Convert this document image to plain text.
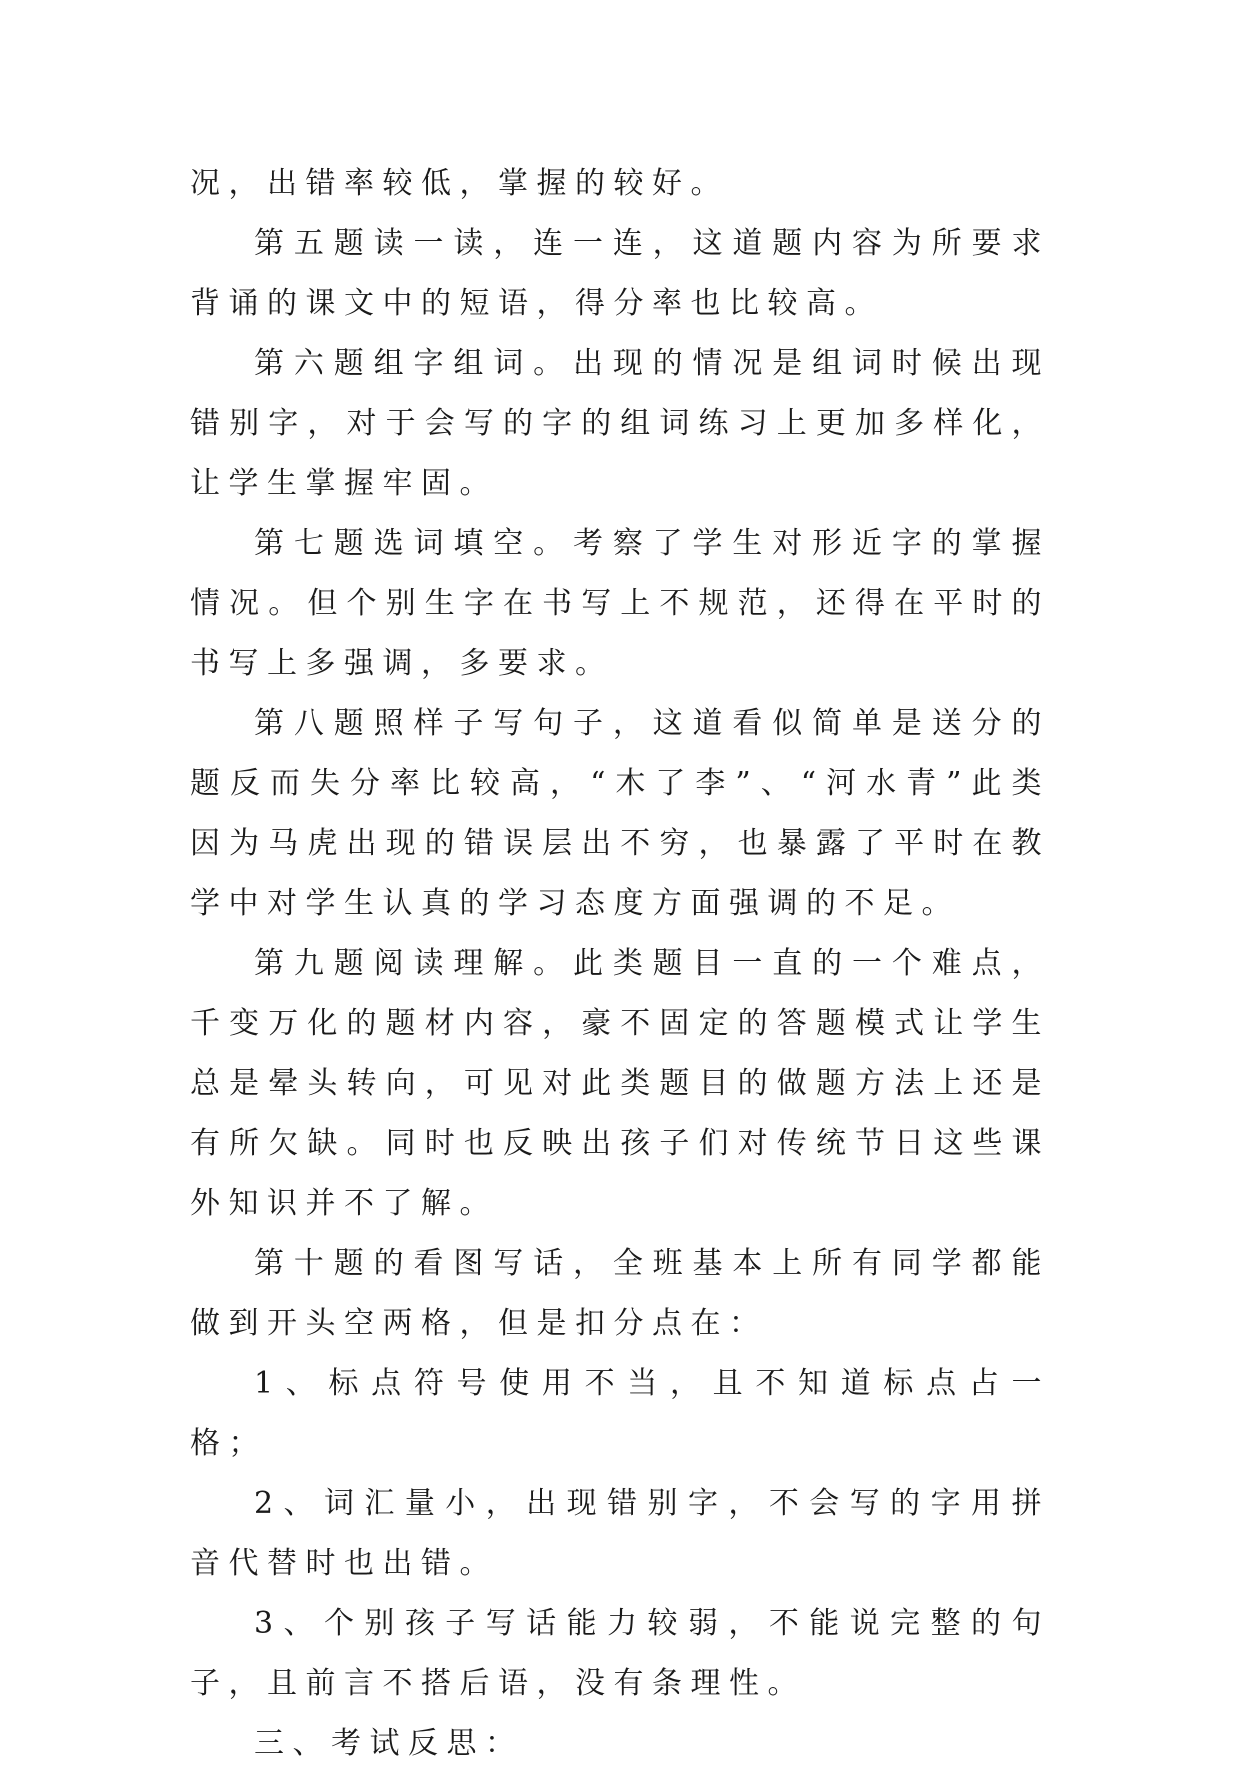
况，出错率较低，掌握的较好。

第五题读一读，连一连，这道题内容为所要求背诵的课文中的短语，得分率也比较高。

第六题组字组词。出现的情况是组词时候出现错别字，对于会写的字的组词练习上更加多样化，让学生掌握牢固。

第七题选词填空。考察了学生对形近字的掌握情况。但个别生字在书写上不规范，还得在平时的书写上多强调，多要求。

第八题照样子写句子，这道看似简单是送分的题反而失分率比较高，“木了李”、“河水青”此类因为马虎出现的错误层出不穷，也暴露了平时在教学中对学生认真的学习态度方面强调的不足。

第九题阅读理解。此类题目一直的一个难点，千变万化的题材内容，豪不固定的答题模式让学生总是晕头转向，可见对此类题目的做题方法上还是有所欠缺。同时也反映出孩子们对传统节日这些课外知识并不了解。

第十题的看图写话，全班基本上所有同学都能做到开头空两格，但是扣分点在：

1、标点符号使用不当，且不知道标点占一格；

2、词汇量小，出现错别字，不会写的字用拼音代替时也出错。

3、个别孩子写话能力较弱，不能说完整的句子，且前言不搭后语，没有条理性。

三、考试反思：
